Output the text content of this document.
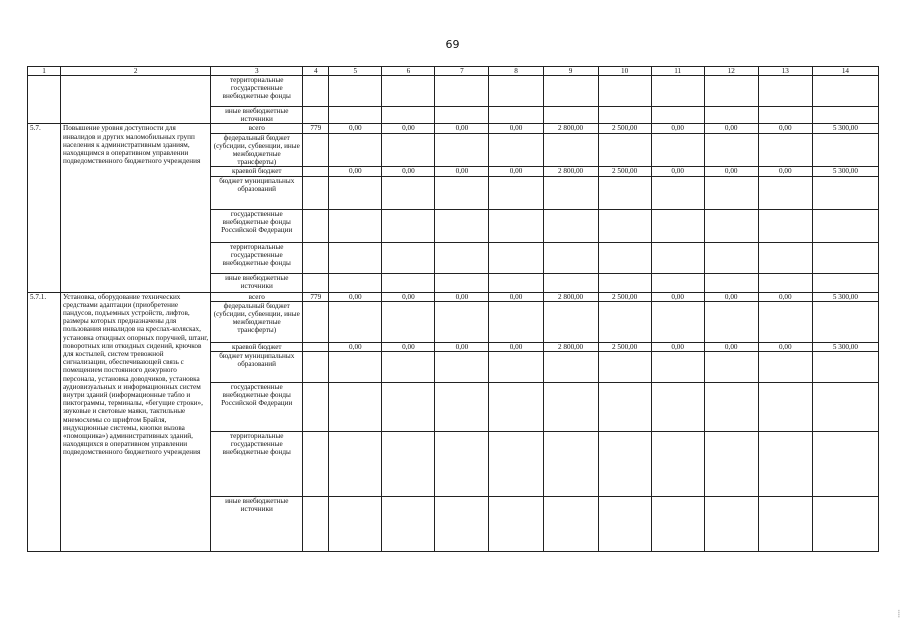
69
1	2	3	4	5	6	7	8	9	10	11	12	13	14
		территориальные государственные внебюджетные фонды											
		иные внебюджетные источники											
5.7.	Повышение уровня доступности для инвалидов и других маломобильных групп населения к административным зданиям, находящимся в оперативном управлении подведомственного бюджетного учреждения	всего	779	0,00	0,00	0,00	0,00	2 800,00	2 500,00	0,00	0,00	0,00	5 300,00
		федеральный бюджет (субсидии, субвенции, иные межбюджетные трансферты)											
		краевой бюджет		0,00	0,00	0,00	0,00	2 800,00	2 500,00	0,00	0,00	0,00	5 300,00
		бюджет муниципальных образований											
		государственные внебюджетные фонды Российской Федерации											
		территориальные государственные внебюджетные фонды											
		иные внебюджетные источники											
5.7.1.	Установка, оборудование технических средствами адаптации (приобретение пандусов, подъемных устройств, лифтов, размеры которых предназначены для пользования инвалидов на креслах-колясках, установка откидных опорных поручней, штанг, поворотных или откидных сидений, крючков для костылей, систем тревожной сигнализации, обеспечивающей связь с помещением постоянного дежурного персонала, установка доводчиков, установка аудиовизуальных и информационных систем внутри зданий (информационные табло и пиктограммы, терминалы, «бегущие строки», звуковые и световые маяки, тактильные мнемосхемы со шрифтом Брайля, индукционные системы, кнопки вызова «помощника») административных зданий, находящихся в оперативном управлении подведомственного бюджетного учреждения	всего	779	0,00	0,00	0,00	0,00	2 800,00	2 500,00	0,00	0,00	0,00	5 300,00
		федеральный бюджет (субсидии, субвенции, иные межбюджетные трансферты)											
		краевой бюджет		0,00	0,00	0,00	0,00	2 800,00	2 500,00	0,00	0,00	0,00	5 300,00
		бюджет муниципальных образований											
		государственные внебюджетные фонды Российской Федерации											
		территориальные государственные внебюджетные фонды											
		иные внебюджетные источники											
┊
